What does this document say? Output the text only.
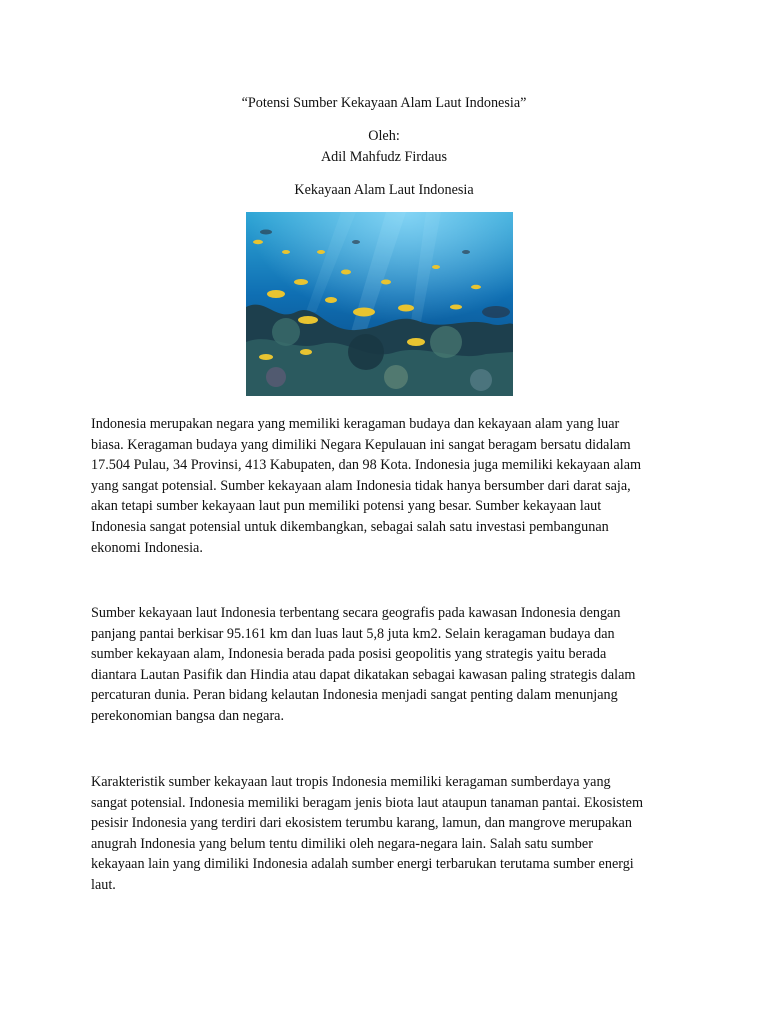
“Potensi Sumber Kekayaan Alam Laut Indonesia”
Oleh:
Adil Mahfudz Firdaus
Kekayaan Alam Laut Indonesia
Indonesia merupakan negara yang memiliki keragaman budaya dan kekayaan alam yang luar
biasa. Keragaman budaya yang dimiliki Negara Kepulauan ini sangat beragam bersatu didalam
17.504 Pulau, 34 Provinsi, 413 Kabupaten, dan 98 Kota. Indonesia juga memiliki kekayaan alam
yang sangat potensial. Sumber kekayaan alam Indonesia tidak hanya bersumber dari darat saja,
akan tetapi sumber kekayaan laut pun memiliki potensi yang besar. Sumber kekayaan laut
Indonesia sangat potensial untuk dikembangkan, sebagai salah satu investasi pembangunan
ekonomi Indonesia.
Sumber kekayaan laut Indonesia terbentang secara geografis pada kawasan Indonesia dengan
panjang pantai berkisar 95.161 km dan luas laut 5,8 juta km2. Selain keragaman budaya dan
sumber kekayaan alam, Indonesia berada pada posisi geopolitis yang strategis yaitu berada
diantara Lautan Pasifik dan Hindia atau dapat dikatakan sebagai kawasan paling strategis dalam
percaturan dunia. Peran bidang kelautan Indonesia menjadi sangat penting dalam menunjang
perekonomian bangsa dan negara.
Karakteristik sumber kekayaan laut tropis Indonesia memiliki keragaman sumberdaya yang
sangat potensial. Indonesia memiliki beragam jenis biota laut ataupun tanaman pantai. Ekosistem
pesisir Indonesia yang terdiri dari ekosistem terumbu karang, lamun, dan mangrove merupakan
anugrah Indonesia yang belum tentu dimiliki oleh negara-negara lain. Salah satu sumber
kekayaan lain yang dimiliki Indonesia adalah sumber energi terbarukan terutama sumber energi
laut.
